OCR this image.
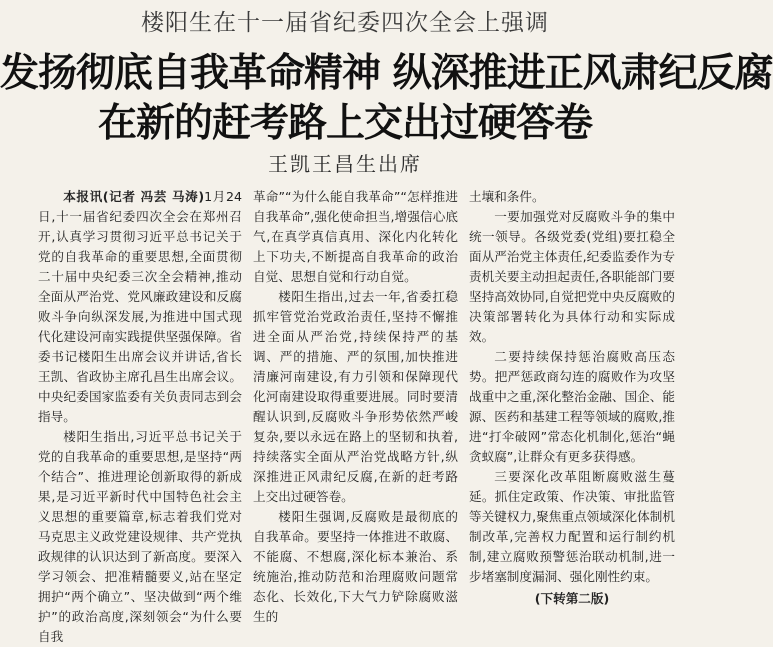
楼阳生在十一届省纪委四次全会上强调
发扬彻底自我革命精神 纵深推进正风肃纪反腐
在新的赶考路上交出过硬答卷
王凯王昌生出席

本报讯(记者 冯芸 马涛)1月24日,十一届省纪委四次全会在郑州召开,认真学习贯彻习近平总书记关于党的自我革命的重要思想,全面贯彻二十届中央纪委三次全会精神,推动全面从严治党、党风廉政建设和反腐败斗争向纵深发展,为推进中国式现代化建设河南实践提供坚强保障。省委书记楼阳生出席会议并讲话,省长王凯、省政协主席孔昌生出席会议。中央纪委国家监委有关负责同志到会指导。

楼阳生指出,习近平总书记关于党的自我革命的重要思想,是坚持“两个结合”、推进理论创新取得的新成果,是习近平新时代中国特色社会主义思想的重要篇章,标志着我们党对马克思主义政党建设规律、共产党执政规律的认识达到了新高度。要深入学习领会、把准精髓要义,站在坚定拥护“两个确立”、坚决做到“两个维护”的政治高度,深刻领会“为什么要自我

革命”“为什么能自我革命”“怎样推进自我革命”,强化使命担当,增强信心底气,在真学真信真用、深化内化转化上下功夫,不断提高自我革命的政治自觉、思想自觉和行动自觉。

楼阳生指出,过去一年,省委扛稳抓牢管党治党政治责任,坚持不懈推进全面从严治党,持续保持严的基调、严的措施、严的氛围,加快推进清廉河南建设,有力引领和保障现代化河南建设取得重要进展。同时要清醒认识到,反腐败斗争形势依然严峻复杂,要以永远在路上的坚韧和执着,持续落实全面从严治党战略方针,纵深推进正风肃纪反腐,在新的赶考路上交出过硬答卷。

楼阳生强调,反腐败是最彻底的自我革命。要坚持一体推进不敢腐、不能腐、不想腐,深化标本兼治、系统施治,推动防范和治理腐败问题常态化、长效化,下大气力铲除腐败滋生的

土壤和条件。

一要加强党对反腐败斗争的集中统一领导。各级党委(党组)要扛稳全面从严治党主体责任,纪委监委作为专责机关要主动担起责任,各职能部门要坚持高效协同,自觉把党中央反腐败的决策部署转化为具体行动和实际成效。

二要持续保持惩治腐败高压态势。把严惩政商勾连的腐败作为攻坚战重中之重,深化整治金融、国企、能源、医药和基建工程等领域的腐败,推进“打伞破网”常态化机制化,惩治“蝇贪蚁腐”,让群众有更多获得感。

三要深化改革阻断腐败滋生蔓延。抓住定政策、作决策、审批监管等关键权力,聚焦重点领域深化体制机制改革,完善权力配置和运行制约机制,建立腐败预警惩治联动机制,进一步堵塞制度漏洞、强化刚性约束。

(下转第二版)
